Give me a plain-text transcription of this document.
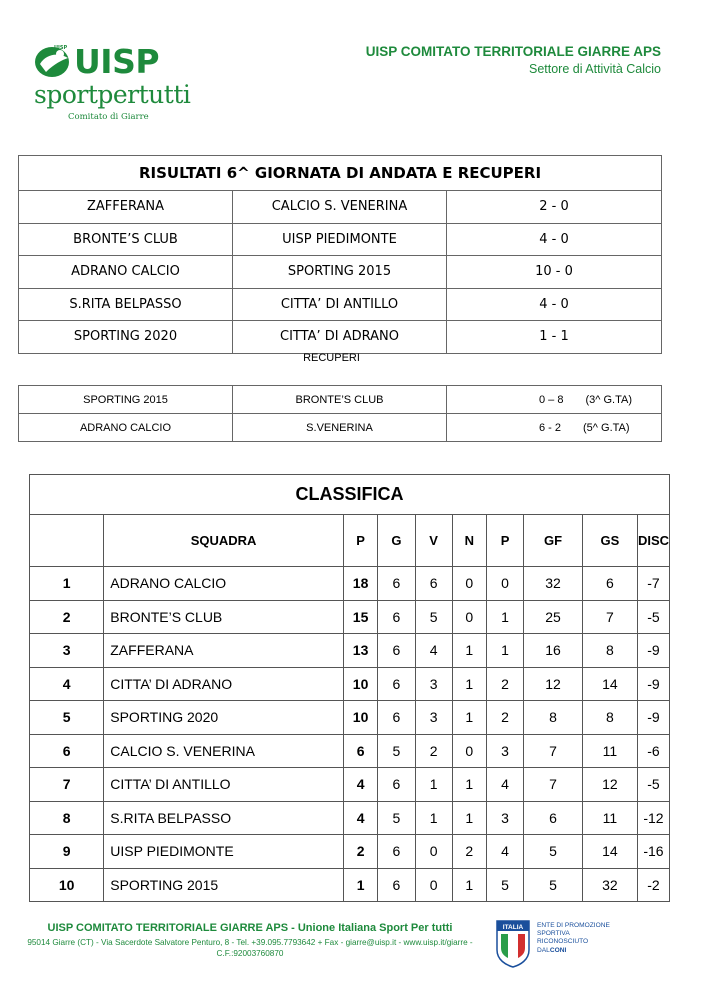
UISP UISP
sportpertutti
Comitato di Giarre
UISP COMITATO TERRITORIALE GIARRE APS
Settore di Attività Calcio
RISULTATI 6^ GIORNATA DI ANDATA E RECUPERI		
ZAFFERANA	CALCIO S. VENERINA	2 - 0
BRONTE’S CLUB	UISP PIEDIMONTE	4 - 0
ADRANO CALCIO	SPORTING 2015	10 - 0
S.RITA BELPASSO	CITTA’ DI ANTILLO	4 - 0
SPORTING 2020	CITTA’ DI ADRANO	1 - 1
RECUPERI
SPORTING 2015	BRONTE’S CLUB	0 – 8 (3^ G.TA)
ADRANO CALCIO	S.VENERINA	6 - 2 (5^ G.TA)
CLASSIFICA									
	SQUADRA	P	G	V	N	P	GF	GS	DISC
1	ADRANO CALCIO	18	6	6	0	0	32	6	-7
2	BRONTE’S CLUB	15	6	5	0	1	25	7	-5
3	ZAFFERANA	13	6	4	1	1	16	8	-9
4	CITTA’ DI ADRANO	10	6	3	1	2	12	14	-9
5	SPORTING 2020	10	6	3	1	2	8	8	-9
6	CALCIO S. VENERINA	6	5	2	0	3	7	11	-6
7	CITTA’ DI ANTILLO	4	6	1	1	4	7	12	-5
8	S.RITA BELPASSO	4	5	1	1	3	6	11	-12
9	UISP PIEDIMONTE	2	6	0	2	4	5	14	-16
10	SPORTING 2015	1	6	0	1	5	5	32	-2
UISP COMITATO TERRITORIALE GIARRE APS - Unione Italiana Sport Per tutti
95014 Giarre (CT) - Via Sacerdote Salvatore Penturo, 8 - Tel. +39.095.7793642 + Fax - giarre@uisp.it - www.uisp.it/giarre - C.F.:92003760870
ITALIA ENTE DI PROMOZIONE
SPORTIVA
RICONOSCIUTO
DALCONI
